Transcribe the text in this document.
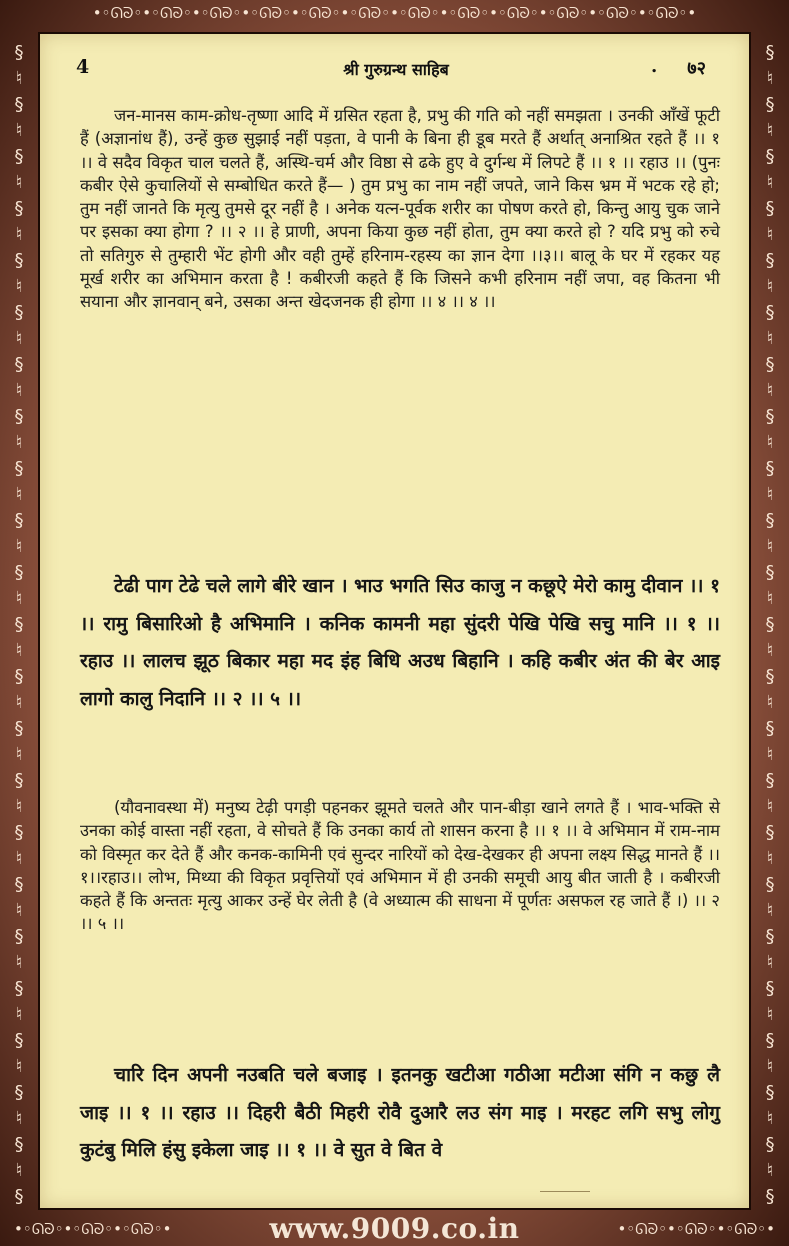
•◦ᘏᘐ◦•◦ᘏᘐ◦•◦ᘏᘐ◦•◦ᘏᘐ◦•◦ᘏᘐ◦•◦ᘏᘐ◦•◦ᘏᘐ◦•◦ᘏᘐ◦•◦ᘏᘐ◦•◦ᘏᘐ◦•◦ᘏᘐ◦•◦ᘏᘐ◦•
§
♮
§
♮
§
♮
§
♮
§
♮
§
♮
§
♮
§
♮
§
♮
§
♮
§
♮
§
♮
§
♮
§
♮
§
♮
§
♮
§
♮
§
♮
§
♮
§
♮
§
♮
§
♮
§

§
♮
§
♮
§
♮
§
♮
§
♮
§
♮
§
♮
§
♮
§
♮
§
♮
§
♮
§
♮
§
♮
§
♮
§
♮
§
♮
§
♮
§
♮
§
♮
§
♮
§
♮
§
♮
§

4	श्री गुरुग्रन्थ साहिब	. ७२

जन-मानस काम-क्रोध-तृष्णा आदि में ग्रसित रहता है, प्रभु की गति को नहीं समझता । उनकी आँखें फूटी हैं (अज्ञानांध हैं), उन्हें कुछ सुझाई नहीं पड़ता, वे पानी के बिना ही डूब मरते हैं अर्थात् अनाश्रित रहते हैं ।। १ ।। वे सदैव विकृत चाल चलते हैं, अस्थि-चर्म और विष्ठा से ढके हुए वे दुर्गन्ध में लिपटे हैं ।। १ ।। रहाउ ।। (पुनः कबीर ऐसे कुचालियों से सम्बोधित करते हैं— ) तुम प्रभु का नाम नहीं जपते, जाने किस भ्रम में भटक रहे हो; तुम नहीं जानते कि मृत्यु तुमसे दूर नहीं है । अनेक यत्न-पूर्वक शरीर का पोषण करते हो, किन्तु आयु चुक जाने पर इसका क्या होगा ? ।। २ ।। हे प्राणी, अपना किया कुछ नहीं होता, तुम क्या करते हो ? यदि प्रभु को रुचे तो सतिगुरु से तुम्हारी भेंट होगी और वही तुम्हें हरिनाम-रहस्य का ज्ञान देगा ।।३।। बालू के घर में रहकर यह मूर्ख शरीर का अभिमान करता है ! कबीरजी कहते हैं कि जिसने कभी हरिनाम नहीं जपा, वह कितना भी सयाना और ज्ञानवान् बने, उसका अन्त खेदजनक ही होगा ।। ४ ।। ४ ।।

टेढी पाग टेढे चले लागे बीरे खान । भाउ भगति सिउ काजु न कछूऐ मेरो कामु दीवान ।। १ ।। रामु बिसारिओ है अभिमानि । कनिक कामनी महा सुंदरी पेखि पेखि सचु मानि ।। १ ।। रहाउ ।। लालच झूठ बिकार महा मद इंह बिधि अउध बिहानि । कहि कबीर अंत की बेर आइ लागो कालु निदानि ।। २ ।। ५ ।।

(यौवनावस्था में) मनुष्य टेढ़ी पगड़ी पहनकर झूमते चलते और पान-बीड़ा खाने लगते हैं । भाव-भक्ति से उनका कोई वास्ता नहीं रहता, वे सोचते हैं कि उनका कार्य तो शासन करना है ।। १ ।। वे अभिमान में राम-नाम को विस्मृत कर देते हैं और कनक-कामिनी एवं सुन्दर नारियों को देख-देखकर ही अपना लक्ष्य सिद्ध मानते हैं ।।१।।रहाउ।। लोभ, मिथ्या की विकृत प्रवृत्तियों एवं अभिमान में ही उनकी समूची आयु बीत जाती है । कबीरजी कहते हैं कि अन्ततः मृत्यु आकर उन्हें घेर लेती है (वे अध्यात्म की साधना में पूर्णतः असफल रह जाते हैं ।) ।। २ ।। ५ ।।

चारि दिन अपनी नउबति चले बजाइ । इतनकु खटीआ गठीआ मटीआ संगि न कछु लै जाइ ।। १ ।। रहाउ ।। दिहरी बैठी मिहरी रोवै दुआरै लउ संग माइ । मरहट लगि सभु लोगु कुटंबु मिलि हंसु इकेला जाइ ।। १ ।। वे सुत वे बित वे

•◦ᘏᘐ◦•◦ᘏᘐ◦•◦ᘏᘐ◦•	www.9009.co.in	•◦ᘏᘐ◦•◦ᘏᘐ◦•◦ᘏᘐ◦•
